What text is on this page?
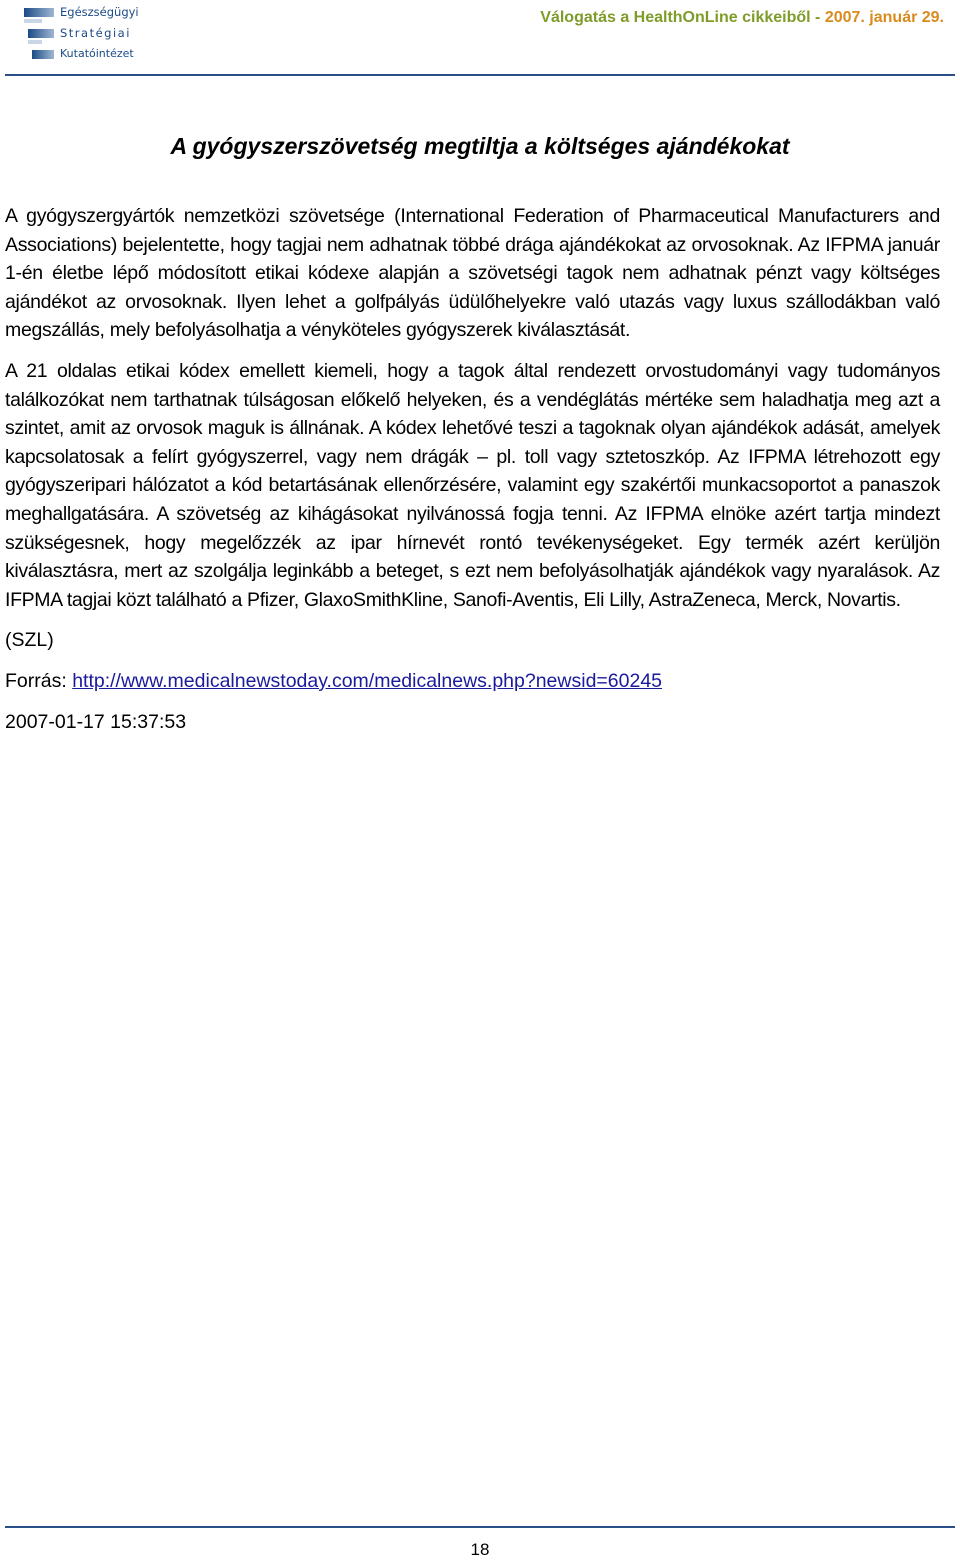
Egészségügyi
Stratégiai
Kutatóintézet
Válogatás a HealthOnLine cikkeiből - 2007. január 29.
A gyógyszerszövetség megtiltja a költséges ajándékokat

A gyógyszergyártók nemzetközi szövetsége (International Federation of Pharmaceutical Manufacturers and Associations) bejelentette, hogy tagjai nem adhatnak többé drága ajándékokat az orvosoknak. Az IFPMA január 1-én életbe lépő módosított etikai kódexe alapján a szövetségi tagok nem adhatnak pénzt vagy költséges ajándékot az orvosoknak. Ilyen lehet a golfpályás üdülőhelyekre való utazás vagy luxus szállodákban való megszállás, mely befolyásolhatja a vényköteles gyógyszerek kiválasztását.

A 21 oldalas etikai kódex emellett kiemeli, hogy a tagok által rendezett orvostudományi vagy tudományos találkozókat nem tarthatnak túlságosan előkelő helyeken, és a vendéglátás mértéke sem haladhatja meg azt a szintet, amit az orvosok maguk is állnának. A kódex lehetővé teszi a tagoknak olyan ajándékok adását, amelyek kapcsolatosak a felírt gyógyszerrel, vagy nem drágák – pl. toll vagy sztetoszkóp. Az IFPMA létrehozott egy gyógyszeripari hálózatot a kód betartásának ellenőrzésére, valamint egy szakértői munkacsoportot a panaszok meghallgatására. A szövetség az kihágásokat nyilvánossá fogja tenni. Az IFPMA elnöke azért tartja mindezt szükségesnek, hogy megelőzzék az ipar hírnevét rontó tevékenységeket. Egy termék azért kerüljön kiválasztásra, mert az szolgálja leginkább a beteget, s ezt nem befolyásolhatják ajándékok vagy nyaralások. Az IFPMA tagjai közt található a Pfizer, GlaxoSmithKline, Sanofi-Aventis, Eli Lilly, AstraZeneca, Merck, Novartis.

(SZL)

Forrás: http://www.medicalnewstoday.com/medicalnews.php?newsid=60245

2007-01-17 15:37:53

18
